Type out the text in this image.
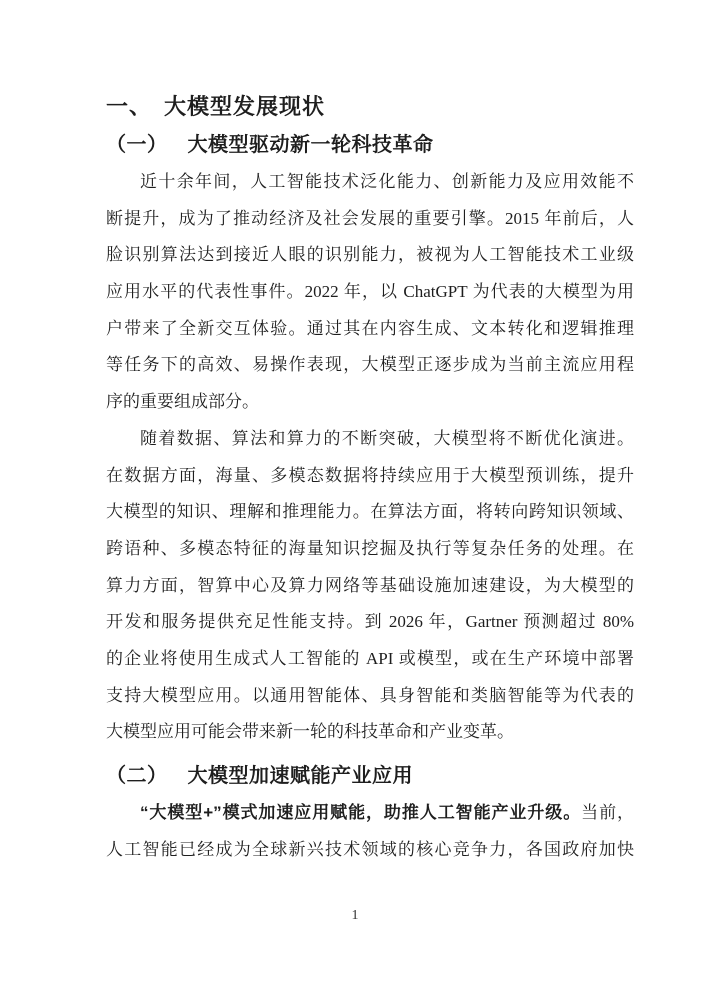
一、 大模型发展现状
（一） 大模型驱动新一轮科技革命

近十余年间，人工智能技术泛化能力、创新能力及应用效能不

断提升，成为了推动经济及社会发展的重要引擎。2015 年前后，人

脸识别算法达到接近人眼的识别能力，被视为人工智能技术工业级

应用水平的代表性事件。2022 年，以 ChatGPT 为代表的大模型为用

户带来了全新交互体验。通过其在内容生成、文本转化和逻辑推理

等任务下的高效、易操作表现，大模型正逐步成为当前主流应用程

序的重要组成部分。

随着数据、算法和算力的不断突破，大模型将不断优化演进。

在数据方面，海量、多模态数据将持续应用于大模型预训练，提升

大模型的知识、理解和推理能力。在算法方面，将转向跨知识领域、

跨语种、多模态特征的海量知识挖掘及执行等复杂任务的处理。在

算力方面，智算中心及算力网络等基础设施加速建设，为大模型的

开发和服务提供充足性能支持。到 2026 年，Gartner 预测超过 80%

的企业将使用生成式人工智能的 API 或模型，或在生产环境中部署

支持大模型应用。以通用智能体、具身智能和类脑智能等为代表的

大模型应用可能会带来新一轮的科技革命和产业变革。

（二） 大模型加速赋能产业应用

“大模型+”模式加速应用赋能，助推人工智能产业升级。当前，

人工智能已经成为全球新兴技术领域的核心竞争力，各国政府加快

1
